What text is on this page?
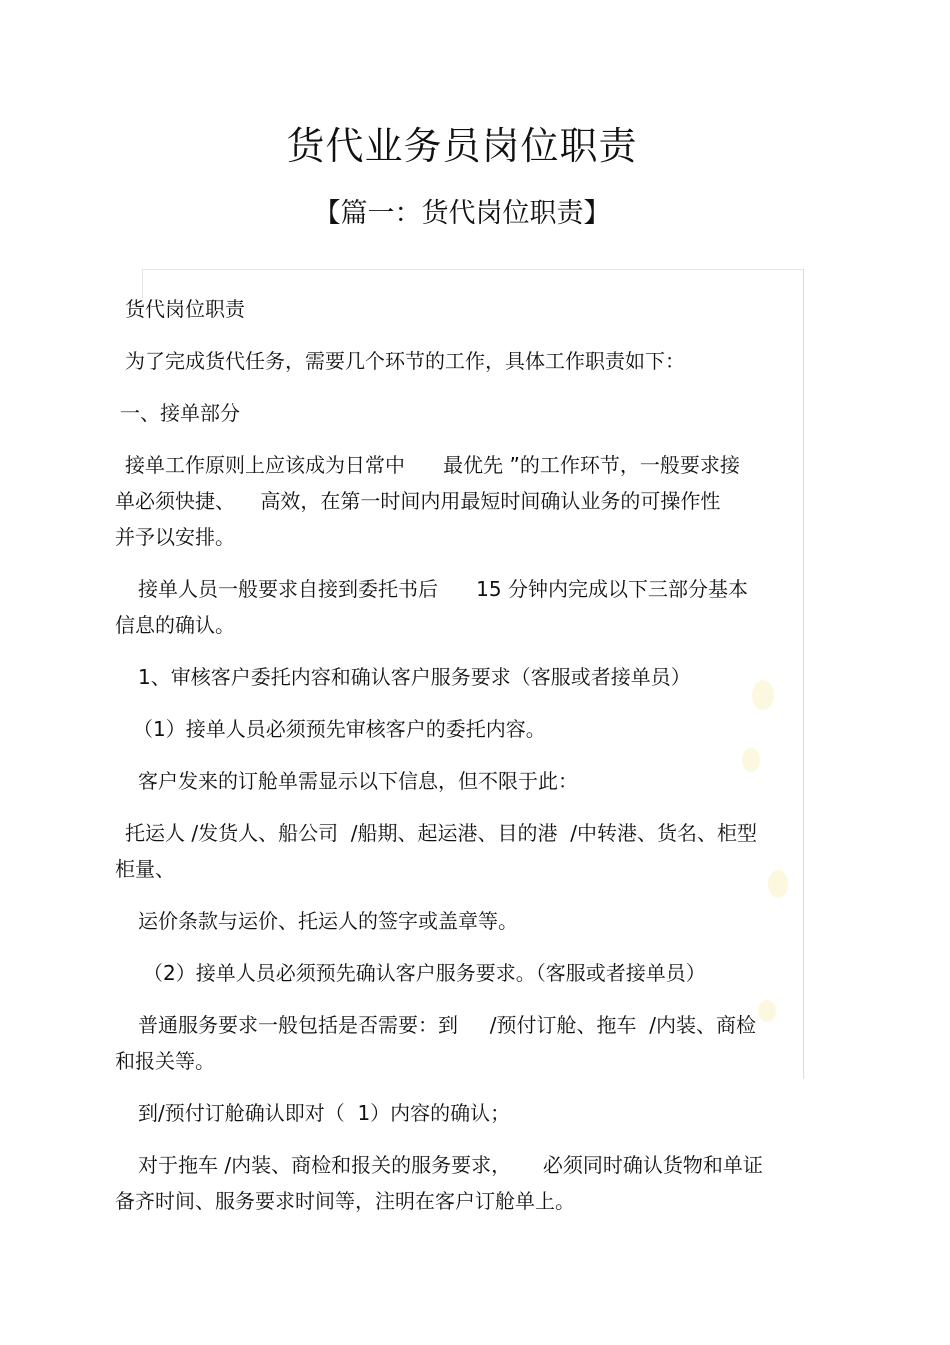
货代业务员岗位职责
【篇一：货代岗位职责】

货代岗位职责

为了完成货代任务，需要几个环节的工作，具体工作职责如下：

一、接单部分

接单工作原则上应该成为日常中      最优先 ”的工作环节，一般要求接

单必须快捷、    高效，在第一时间内用最短时间确认业务的可操作性

并予以安排。

接单人员一般要求自接到委托书后      15 分钟内完成以下三部分基本

信息的确认。

1、审核客户委托内容和确认客户服务要求（客服或者接单员）

（1）接单人员必须预先审核客户的委托内容。

客户发来的订舱单需显示以下信息，但不限于此：

托运人 /发货人、船公司  /船期、起运港、目的港  /中转港、货名、柜型

柜量、

运价条款与运价、托运人的签字或盖章等。

（2）接单人员必须预先确认客户服务要求。（客服或者接单员）

普通服务要求一般包括是否需要：到     /预付订舱、拖车  /内装、商检

和报关等。

到/预付订舱确认即对（  1）内容的确认；

对于拖车 /内装、商检和报关的服务要求，     必须同时确认货物和单证

备齐时间、服务要求时间等，注明在客户订舱单上。
